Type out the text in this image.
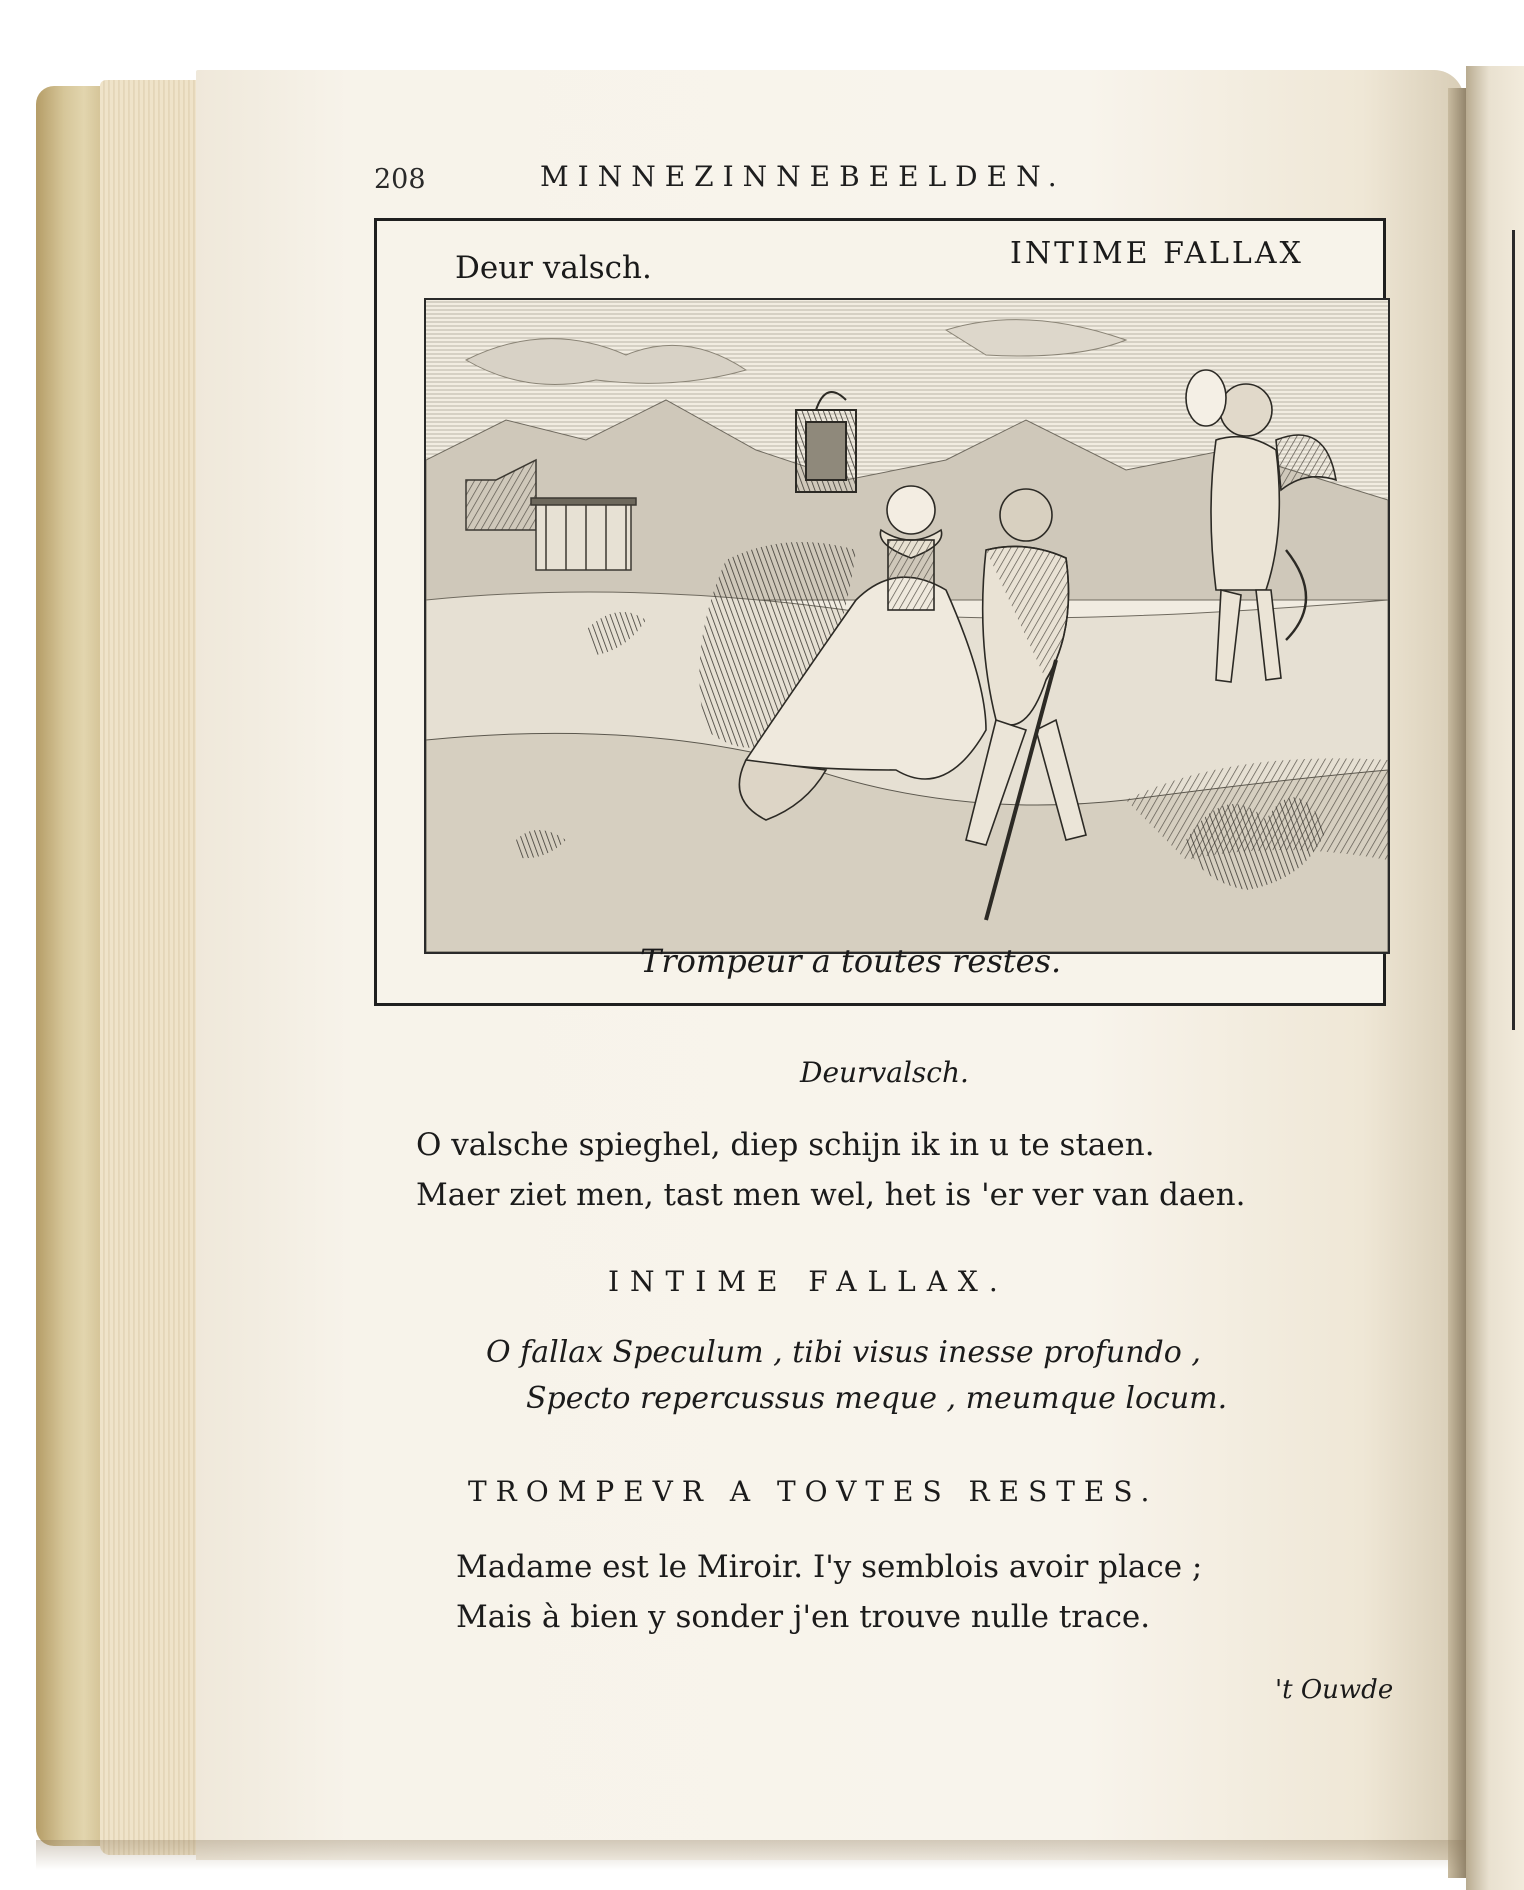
208	MINNEZINNEBEELDEN.
Deur valsch.	INTIME FALLAX
Trompeur a toutes restes.
Deurvalsch.
O valsche spieghel, diep schijn ik in u te staen.
Maer ziet men, tast men wel, het is 'er ver van daen.
INTIME FALLAX.
O fallax Speculum , tibi visus inesse profundo ,
Specto repercussus meque , meumque locum.
TROMPEVR A TOVTES RESTES.
Madame est le Miroir. I'y semblois avoir place ;
Mais à bien y sonder j'en trouve nulle trace.
't Ouwde
